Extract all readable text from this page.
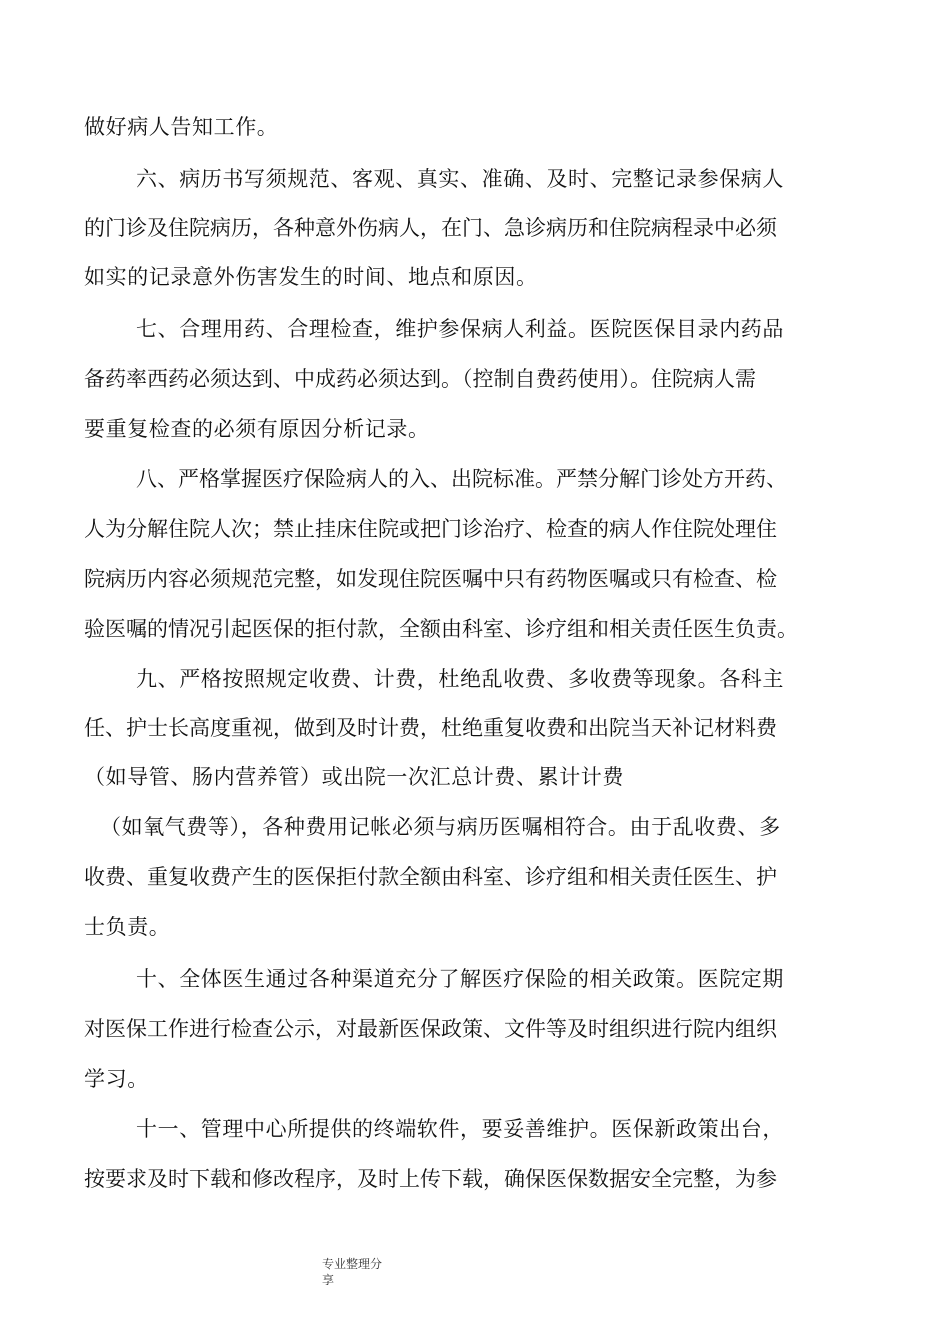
做好病人告知工作。
六、病历书写须规范、客观、真实、准确、及时、完整记录参保病人
的门诊及住院病历，各种意外伤病人，在门、急诊病历和住院病程录中必须
如实的记录意外伤害发生的时间、地点和原因。
七、合理用药、合理检查，维护参保病人利益。医院医保目录内药品
备药率西药必须达到、中成药必须达到。（控制自费药使用）。住院病人需
要重复检查的必须有原因分析记录。
八、严格掌握医疗保险病人的入、出院标准。严禁分解门诊处方开药、
人为分解住院人次；禁止挂床住院或把门诊治疗、检查的病人作住院处理住
院病历内容必须规范完整，如发现住院医嘱中只有药物医嘱或只有检查、检
验医嘱的情况引起医保的拒付款，全额由科室、诊疗组和相关责任医生负责。
九、严格按照规定收费、计费，杜绝乱收费、多收费等现象。各科主
任、护士长高度重视，做到及时计费，杜绝重复收费和出院当天补记材料费
（如导管、肠内营养管）或出院一次汇总计费、累计计费
（如氧气费等），各种费用记帐必须与病历医嘱相符合。由于乱收费、多
收费、重复收费产生的医保拒付款全额由科室、诊疗组和相关责任医生、护
士负责。
十、全体医生通过各种渠道充分了解医疗保险的相关政策。医院定期
对医保工作进行检查公示，对最新医保政策、文件等及时组织进行院内组织
学习。
十一、管理中心所提供的终端软件，要妥善维护。医保新政策出台，
按要求及时下载和修改程序，及时上传下载，确保医保数据安全完整，为参
专业整理分
享
